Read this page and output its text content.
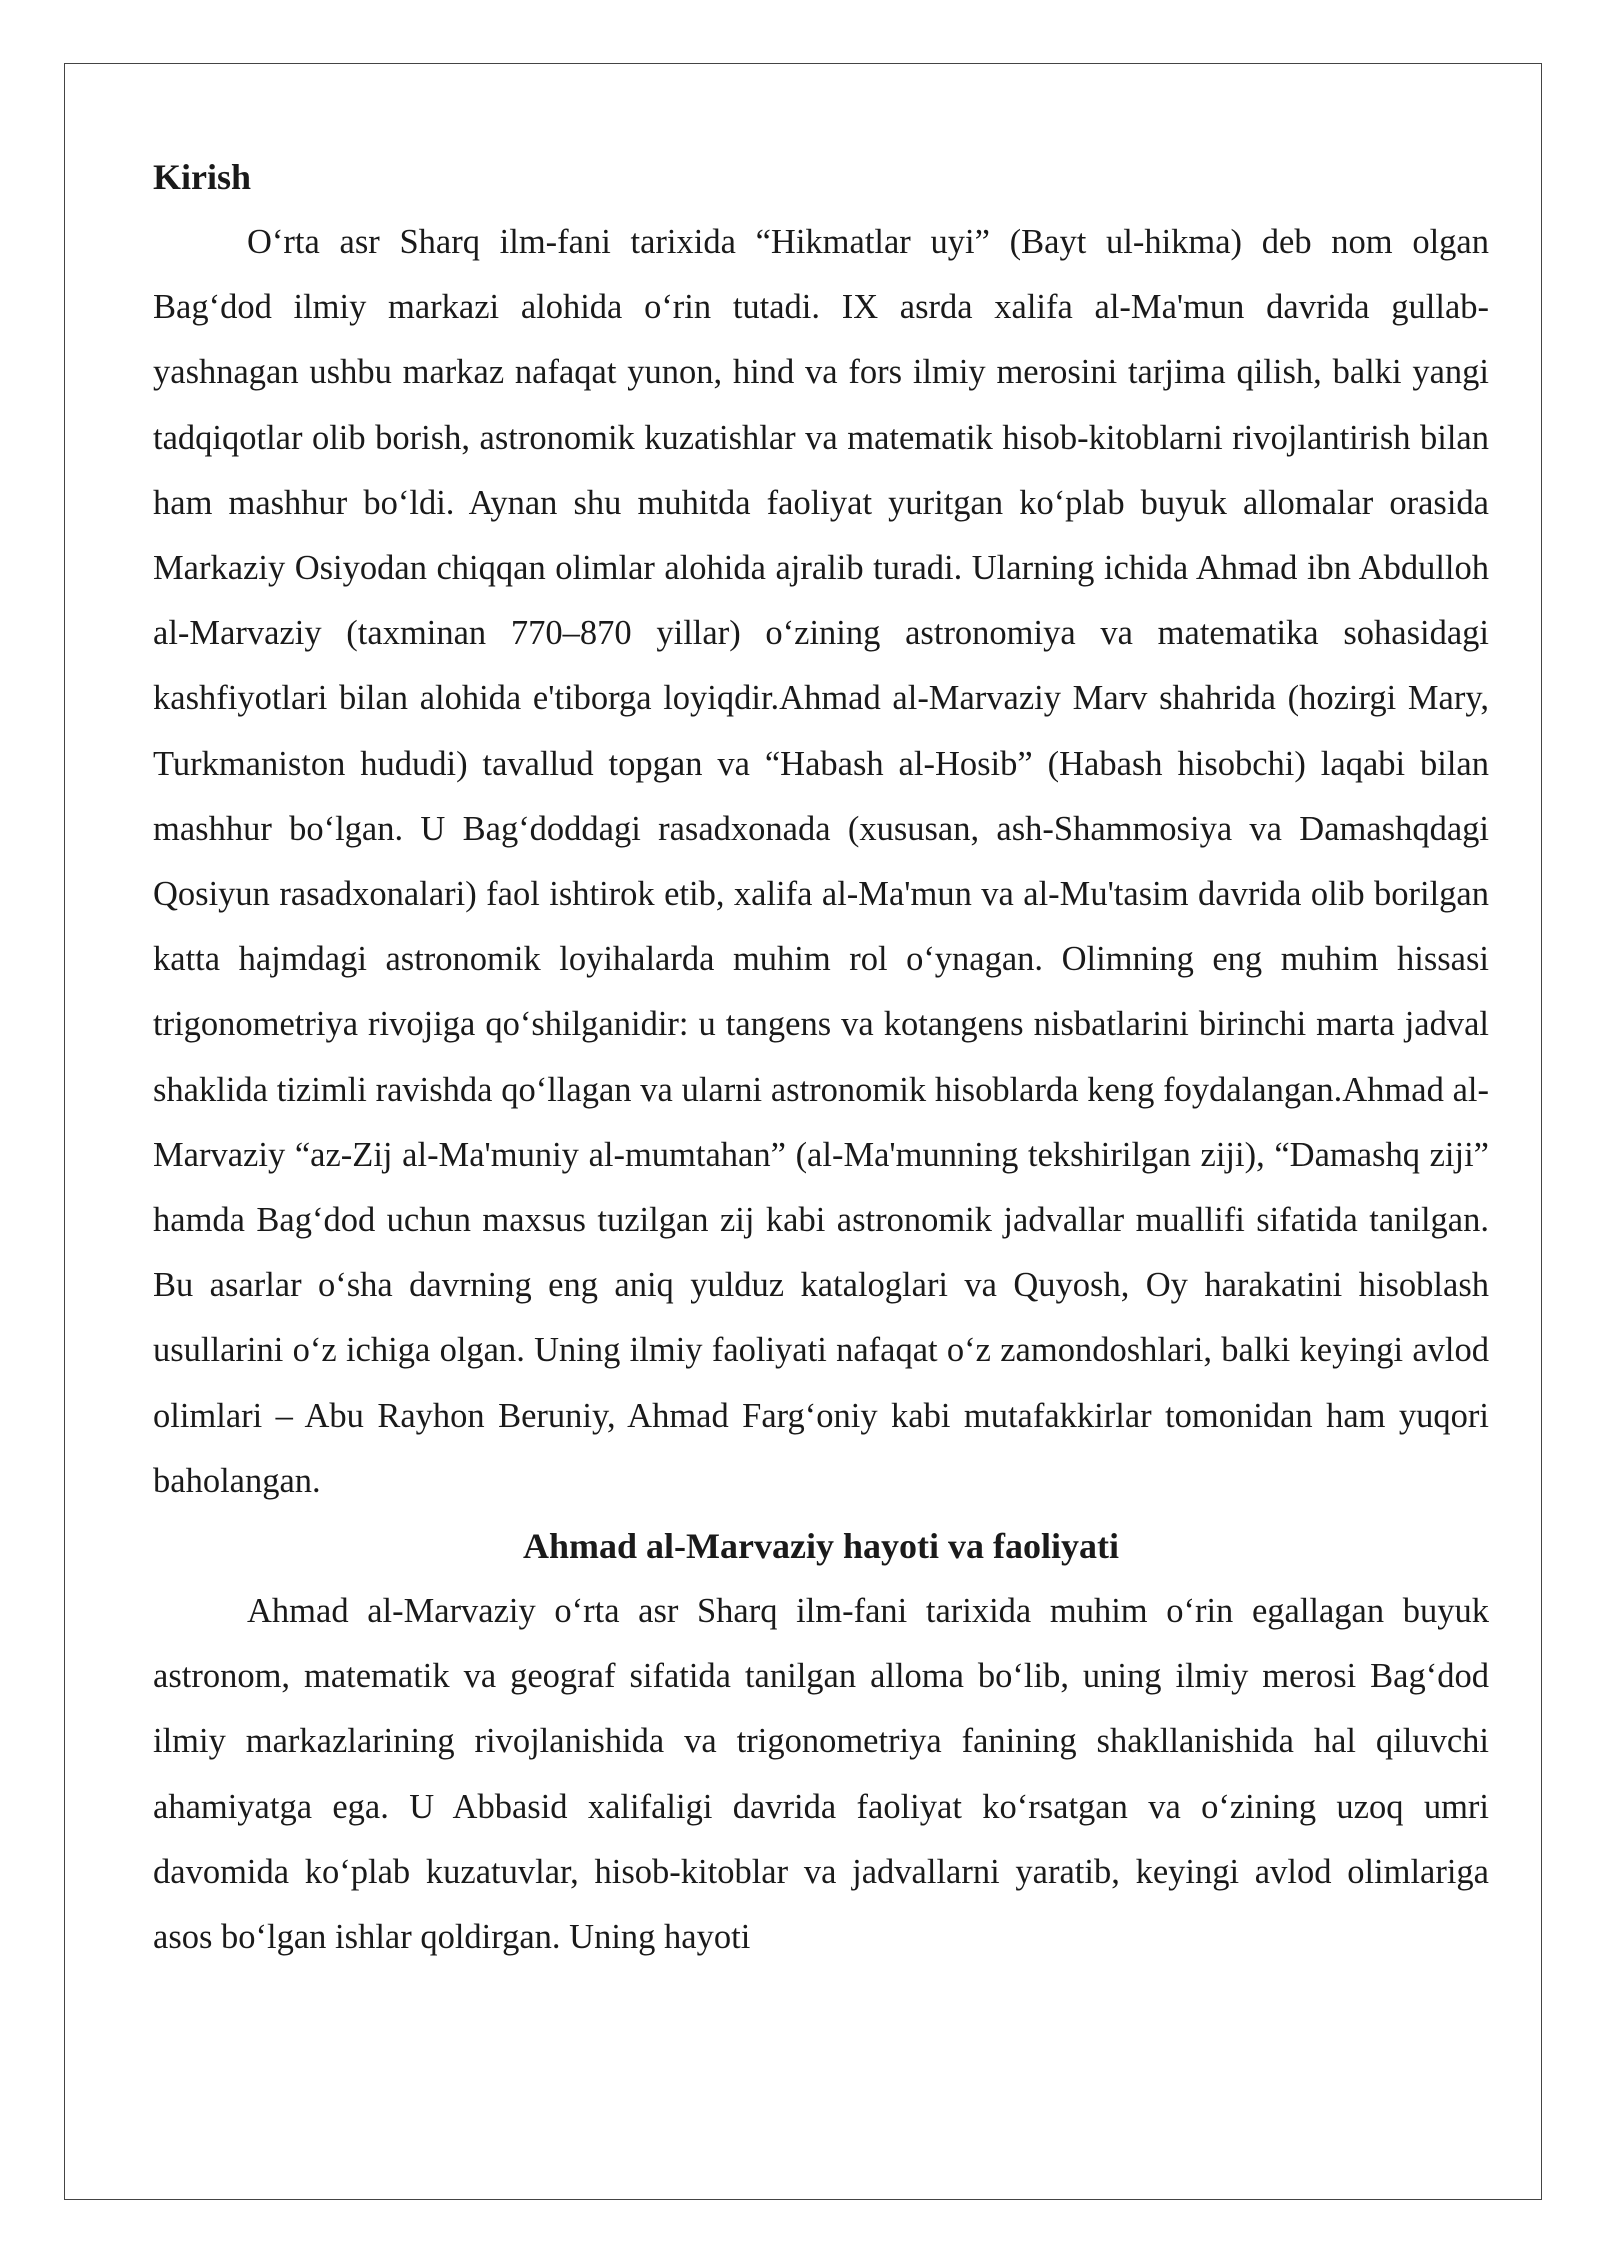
Kirish

O‘rta asr Sharq ilm-fani tarixida “Hikmatlar uyi” (Bayt ul-hikma) deb nom olgan Bag‘dod ilmiy markazi alohida o‘rin tutadi. IX asrda xalifa al-Ma'mun davrida gullab-yashnagan ushbu markaz nafaqat yunon, hind va fors ilmiy merosini tarjima qilish, balki yangi tadqiqotlar olib borish, astronomik kuzatishlar va matematik hisob-kitoblarni rivojlantirish bilan ham mashhur bo‘ldi. Aynan shu muhitda faoliyat yuritgan ko‘plab buyuk allomalar orasida Markaziy Osiyodan chiqqan olimlar alohida ajralib turadi. Ularning ichida Ahmad ibn Abdulloh al-Marvaziy (taxminan 770–870 yillar) o‘zining astronomiya va matematika sohasidagi kashfiyotlari bilan alohida e'tiborga loyiqdir.Ahmad al-Marvaziy Marv shahrida (hozirgi Mary, Turkmaniston hududi) tavallud topgan va “Habash al-Hosib” (Habash hisobchi) laqabi bilan mashhur bo‘lgan. U Bag‘doddagi rasadxonada (xususan, ash-Shammosiya va Damashqdagi Qosiyun rasadxonalari) faol ishtirok etib, xalifa al-Ma'mun va al-Mu'tasim davrida olib borilgan katta hajmdagi astronomik loyihalarda muhim rol o‘ynagan. Olimning eng muhim hissasi trigonometriya rivojiga qo‘shilganidir: u tangens va kotangens nisbatlarini birinchi marta jadval shaklida tizimli ravishda qo‘llagan va ularni astronomik hisoblarda keng foydalangan.Ahmad al-Marvaziy “az-Zij al-Ma'muniy al-mumtahan” (al-Ma'munning tekshirilgan ziji), “Damashq ziji” hamda Bag‘dod uchun maxsus tuzilgan zij kabi astronomik jadvallar muallifi sifatida tanilgan. Bu asarlar o‘sha davrning eng aniq yulduz kataloglari va Quyosh, Oy harakatini hisoblash usullarini o‘z ichiga olgan. Uning ilmiy faoliyati nafaqat o‘z zamondoshlari, balki keyingi avlod olimlari – Abu Rayhon Beruniy, Ahmad Farg‘oniy kabi mutafakkirlar tomonidan ham yuqori baholangan.

Ahmad al-Marvaziy hayoti va faoliyati

Ahmad al-Marvaziy o‘rta asr Sharq ilm-fani tarixida muhim o‘rin egallagan buyuk astronom, matematik va geograf sifatida tanilgan alloma bo‘lib, uning ilmiy merosi Bag‘dod ilmiy markazlarining rivojlanishida va trigonometriya fanining shakllanishida hal qiluvchi ahamiyatga ega. U Abbasid xalifaligi davrida faoliyat ko‘rsatgan va o‘zining uzoq umri davomida ko‘plab kuzatuvlar, hisob-kitoblar va jadvallarni yaratib, keyingi avlod olimlariga asos bo‘lgan ishlar qoldirgan. Uning hayoti
